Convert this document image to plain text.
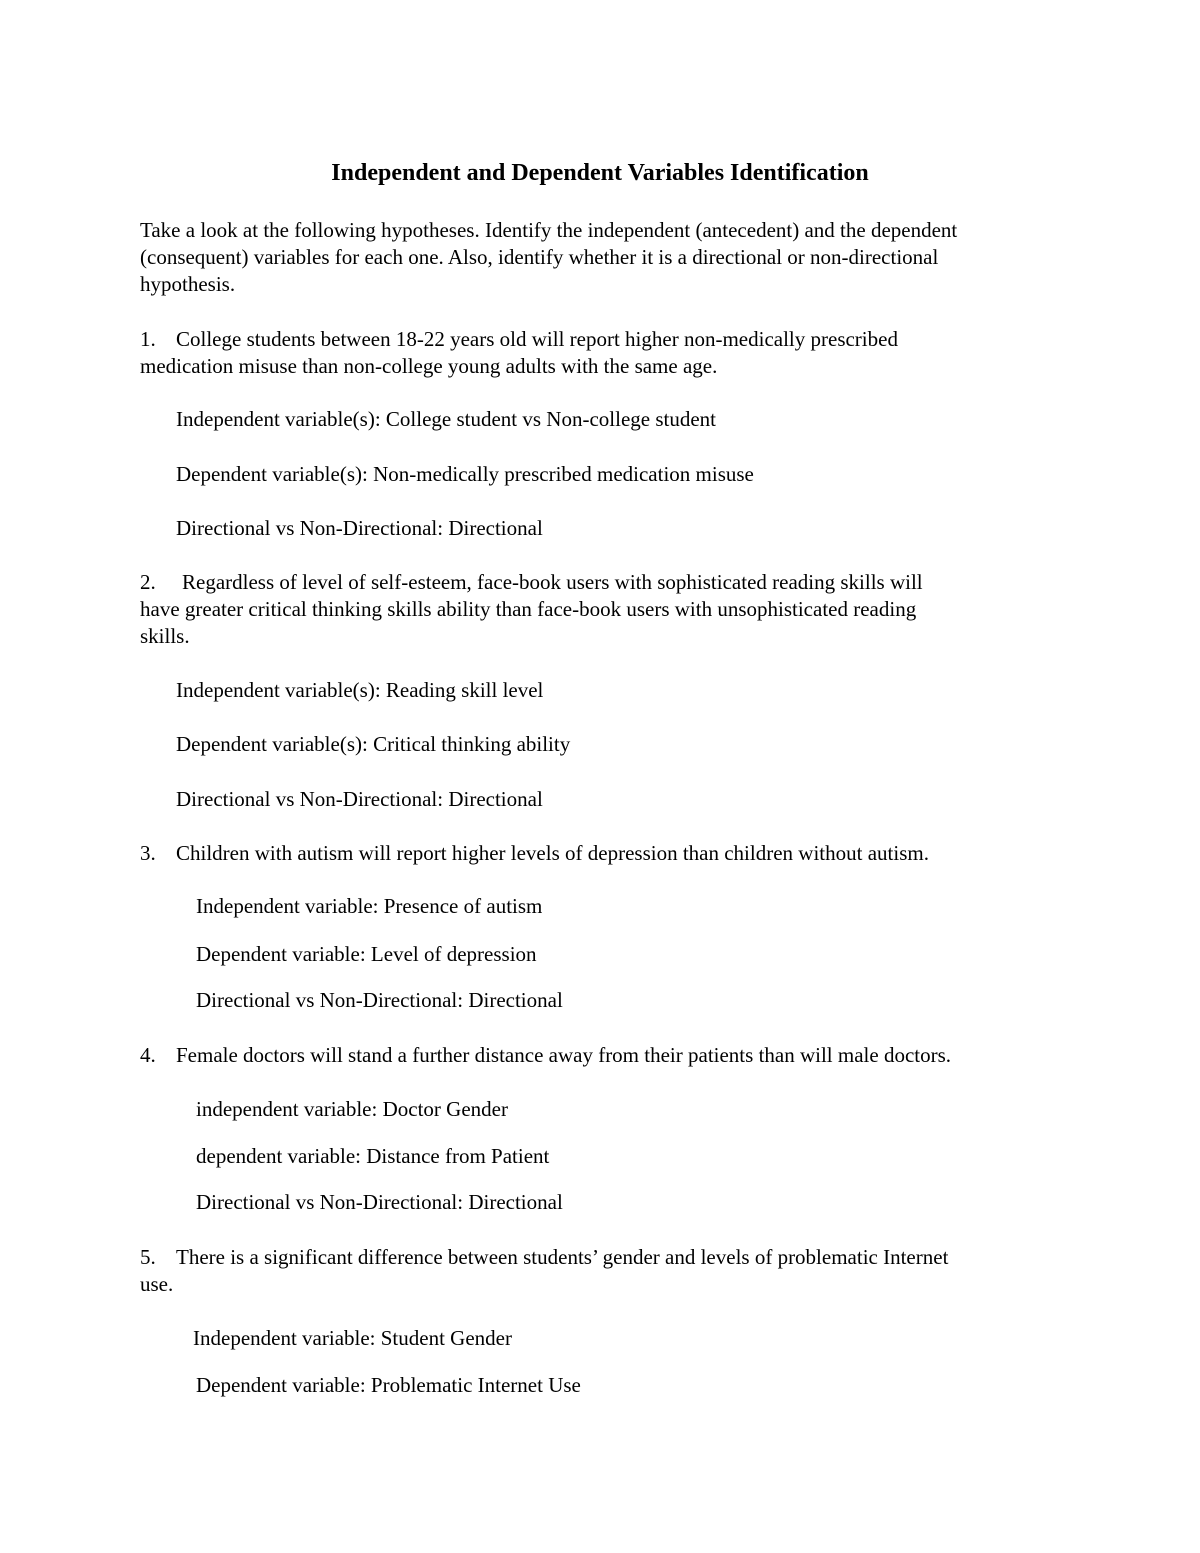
Independent and Dependent Variables Identification

Take a look at the following hypotheses. Identify the independent (antecedent) and the dependent

(consequent) variables for each one. Also, identify whether it is a directional or non-directional

hypothesis.

1. College students between 18-22 years old will report higher non-medically prescribed

medication misuse than non-college young adults with the same age.

Independent variable(s): College student vs Non-college student

Dependent variable(s): Non-medically prescribed medication misuse

Directional vs Non-Directional: Directional

2. Regardless of level of self-esteem, face-book users with sophisticated reading skills will

have greater critical thinking skills ability than face-book users with unsophisticated reading

skills.

Independent variable(s): Reading skill level

Dependent variable(s): Critical thinking ability

Directional vs Non-Directional: Directional

3. Children with autism will report higher levels of depression than children without autism.

Independent variable: Presence of autism

Dependent variable: Level of depression

Directional vs Non-Directional: Directional

4. Female doctors will stand a further distance away from their patients than will male doctors.

independent variable: Doctor Gender

dependent variable: Distance from Patient

Directional vs Non-Directional: Directional

5. There is a significant difference between students’ gender and levels of problematic Internet

use.

Independent variable: Student Gender

Dependent variable: Problematic Internet Use
